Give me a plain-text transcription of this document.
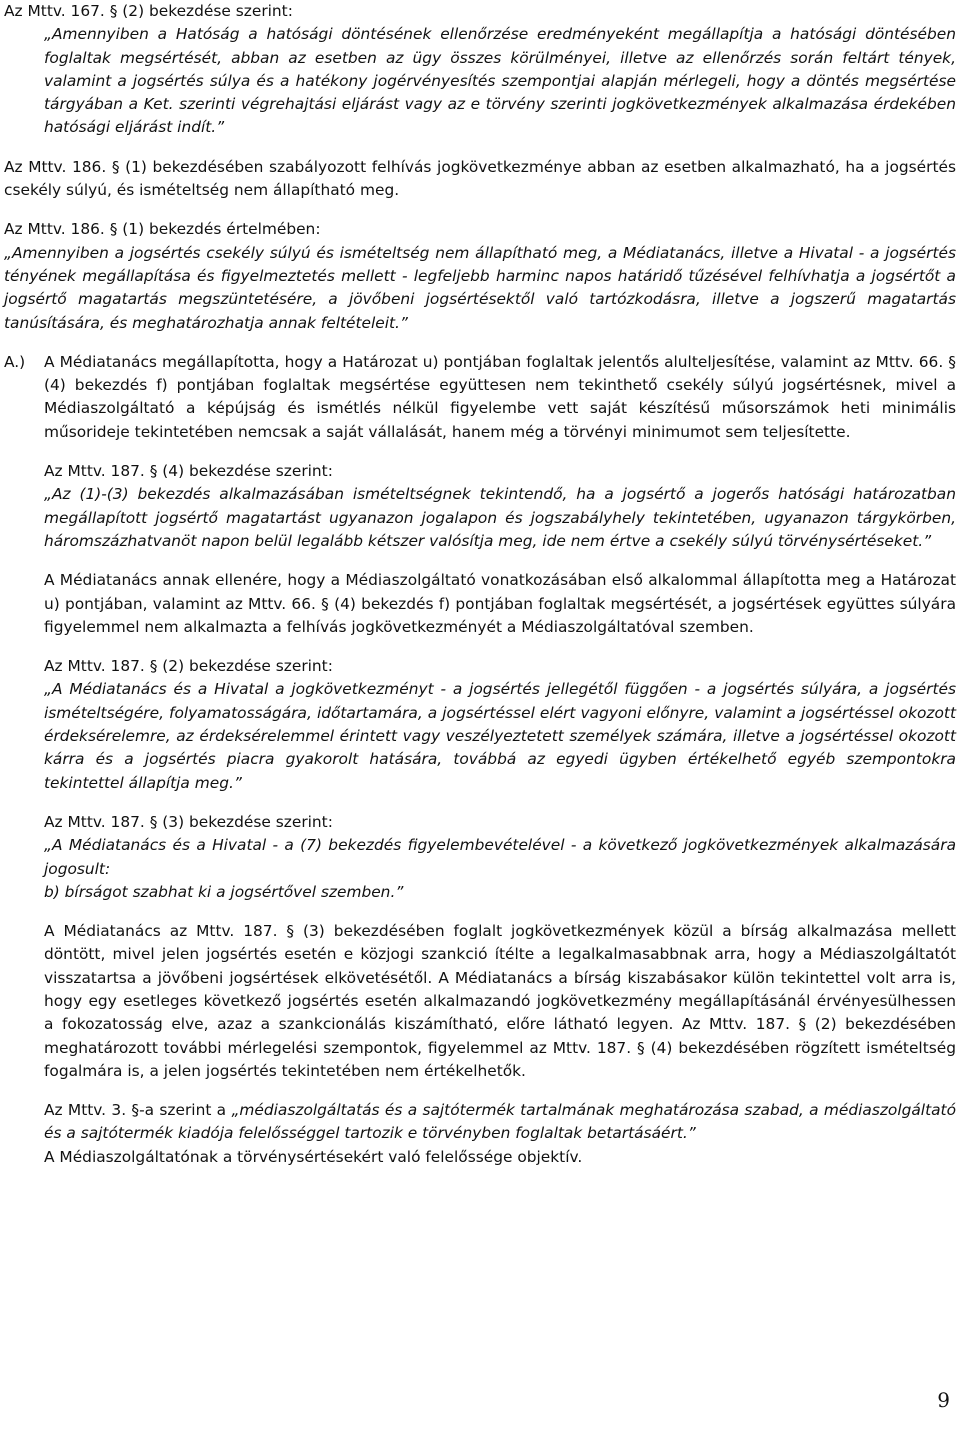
Az Mttv. 167. § (2) bekezdése szerint:

„Amennyiben a Hatóság a hatósági döntésének ellenőrzése eredményeként megállapítja a hatósági döntésében foglaltak megsértését, abban az esetben az ügy összes körülményei, illetve az ellenőrzés során feltárt tények, valamint a jogsértés súlya és a hatékony jogérvényesítés szempontjai alapján mérlegeli, hogy a döntés megsértése tárgyában a Ket. szerinti végrehajtási eljárást vagy az e törvény szerinti jogkövetkezmények alkalmazása érdekében hatósági eljárást indít.”

Az Mttv. 186. § (1) bekezdésében szabályozott felhívás jogkövetkezménye abban az esetben alkalmazható, ha a jogsértés csekély súlyú, és ismételtség nem állapítható meg.

Az Mttv. 186. § (1) bekezdés értelmében:

„Amennyiben a jogsértés csekély súlyú és ismételtség nem állapítható meg, a Médiatanács, illetve a Hivatal - a jogsértés tényének megállapítása és figyelmeztetés mellett - legfeljebb harminc napos határidő tűzésével felhívhatja a jogsértőt a jogsértő magatartás megszüntetésére, a jövőbeni jogsértésektől való tartózkodásra, illetve a jogszerű magatartás tanúsítására, és meghatározhatja annak feltételeit.”

A.)	A Médiatanács megállapította, hogy a Határozat u) pontjában foglaltak jelentős alulteljesítése, valamint az Mttv. 66. § (4) bekezdés f) pontjában foglaltak megsértése együttesen nem tekinthető csekély súlyú jogsértésnek, mivel a Médiaszolgáltató a képújság és ismétlés nélkül figyelembe vett saját készítésű műsorszámok heti minimális műsorideje tekintetében nemcsak a saját vállalását, hanem még a törvényi minimumot sem teljesítette.

Az Mttv. 187. § (4) bekezdése szerint:

„Az (1)-(3) bekezdés alkalmazásában ismételtségnek tekintendő, ha a jogsértő a jogerős hatósági határozatban megállapított jogsértő magatartást ugyanazon jogalapon és jogszabályhely tekintetében, ugyanazon tárgykörben, háromszázhatvanöt napon belül legalább kétszer valósítja meg, ide nem értve a csekély súlyú törvénysértéseket.”

A Médiatanács annak ellenére, hogy a Médiaszolgáltató vonatkozásában első alkalommal állapította meg a Határozat u) pontjában, valamint az Mttv. 66. § (4) bekezdés f) pontjában foglaltak megsértését, a jogsértések együttes súlyára figyelemmel nem alkalmazta a felhívás jogkövetkezményét a Médiaszolgáltatóval szemben.

Az Mttv. 187. § (2) bekezdése szerint:

„A Médiatanács és a Hivatal a jogkövetkezményt - a jogsértés jellegétől függően - a jogsértés súlyára, a jogsértés ismételtségére, folyamatosságára, időtartamára, a jogsértéssel elért vagyoni előnyre, valamint a jogsértéssel okozott érdeksérelemre, az érdeksérelemmel érintett vagy veszélyeztetett személyek számára, illetve a jogsértéssel okozott kárra és a jogsértés piacra gyakorolt hatására, továbbá az egyedi ügyben értékelhető egyéb szempontokra tekintettel állapítja meg.”

Az Mttv. 187. § (3) bekezdése szerint:

„A Médiatanács és a Hivatal - a (7) bekezdés figyelembevételével - a következő jogkövetkezmények alkalmazására jogosult:

b) bírságot szabhat ki a jogsértővel szemben.”

A Médiatanács az Mttv. 187. § (3) bekezdésében foglalt jogkövetkezmények közül a bírság alkalmazása mellett döntött, mivel jelen jogsértés esetén e közjogi szankció ítélte a legalkalmasabbnak arra, hogy a Médiaszolgáltatót visszatartsa a jövőbeni jogsértések elkövetésétől. A Médiatanács a bírság kiszabásakor külön tekintettel volt arra is, hogy egy esetleges következő jogsértés esetén alkalmazandó jogkövetkezmény megállapításánál érvényesülhessen a fokozatosság elve, azaz a szankcionálás kiszámítható, előre látható legyen. Az Mttv. 187. § (2) bekezdésében meghatározott további mérlegelési szempontok, figyelemmel az Mttv. 187. § (4) bekezdésében rögzített ismételtség fogalmára is, a jelen jogsértés tekintetében nem értékelhetők.

Az Mttv. 3. §-a szerint a „médiaszolgáltatás és a sajtótermék tartalmának meghatározása szabad, a médiaszolgáltató és a sajtótermék kiadója felelősséggel tartozik e törvényben foglaltak betartásáért.”

A Médiaszolgáltatónak a törvénysértésekért való felelőssége objektív.

9
